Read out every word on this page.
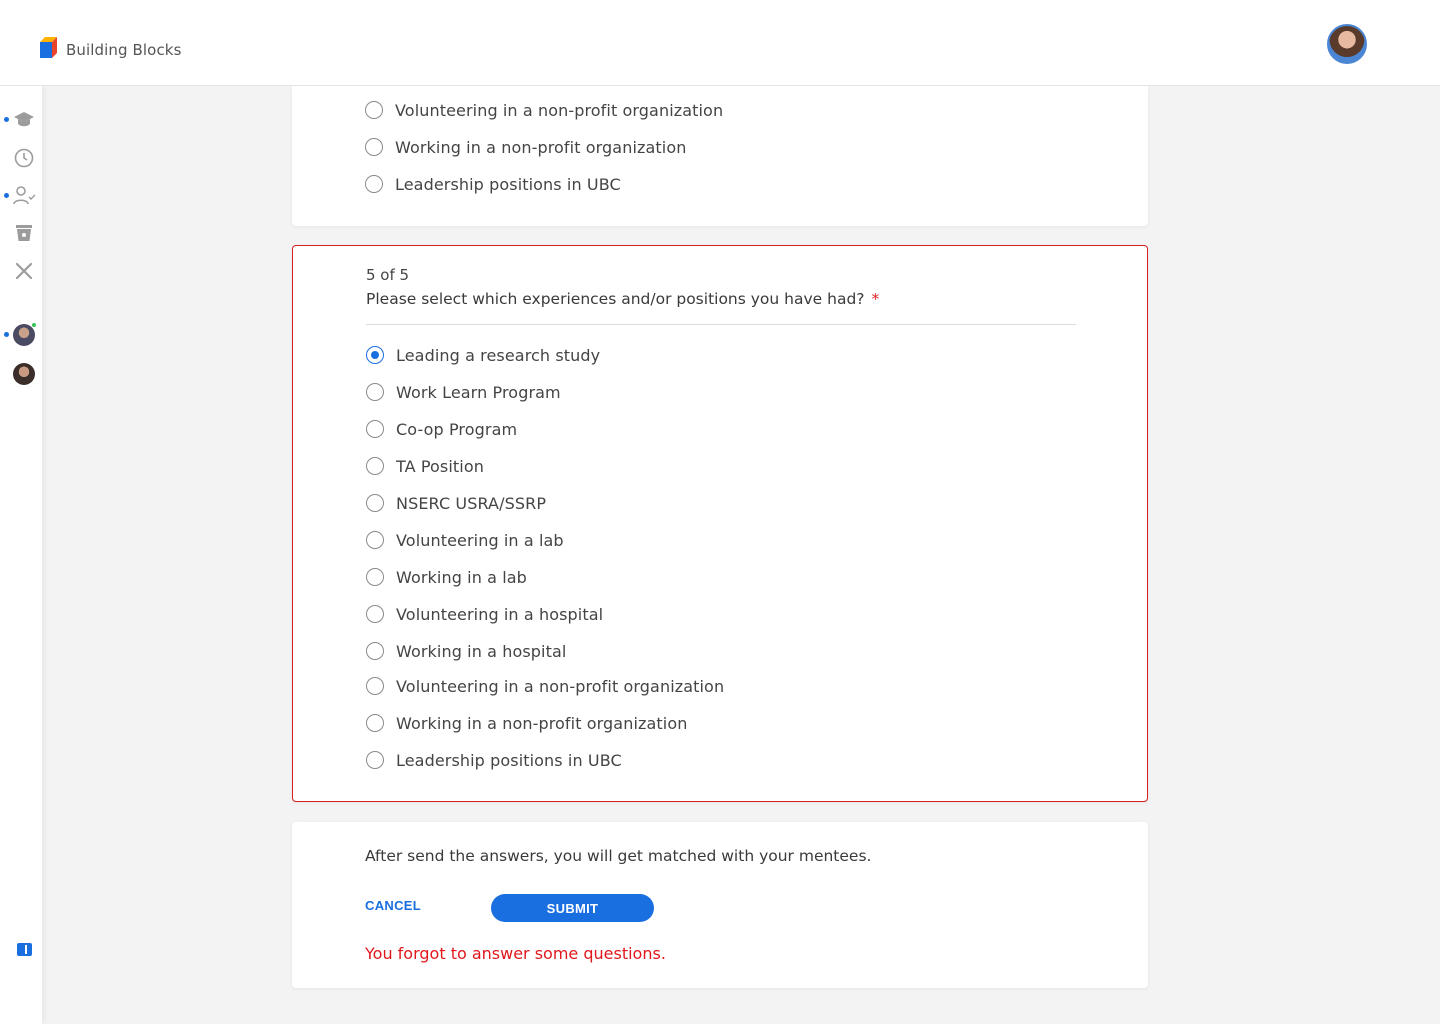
Building Blocks
Volunteering in a non-profit organization
Working in a non-profit organization
Leadership positions in UBC
5 of 5
Please select which experiences and/or positions you have had? *
Leading a research study
Work Learn Program
Co-op Program
TA Position
NSERC USRA/SSRP
Volunteering in a lab
Working in a lab
Volunteering in a hospital
Working in a hospital
Volunteering in a non-profit organization
Working in a non-profit organization
Leadership positions in UBC
After send the answers, you will get matched with your mentees.
CANCEL	SUBMIT
You forgot to answer some questions.
